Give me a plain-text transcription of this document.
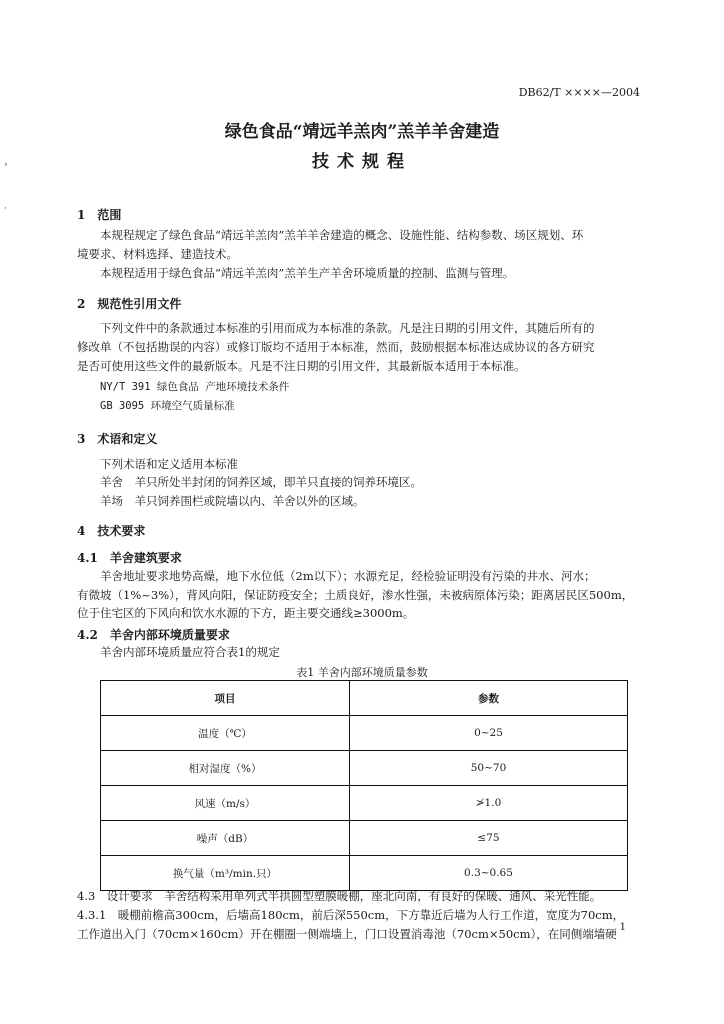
›
·
DB62/T ××××—2004
绿色食品“靖远羊羔肉”羔羊羊舍建造
技术规程
1　范围
本规程规定了绿色食品“靖远羊羔肉”羔羊羊舍建造的概念、设施性能、结构参数、场区规划、环
境要求、材料选择、建造技术。
本规程适用于绿色食品“靖远羊羔肉”羔羊生产羊舍环境质量的控制、监测与管理。
2　规范性引用文件
下列文件中的条款通过本标准的引用而成为本标准的条款。凡是注日期的引用文件，其随后所有的
修改单（不包括勘误的内容）或修订版均不适用于本标准，然而，鼓励根据本标准达成协议的各方研究
是否可使用这些文件的最新版本。凡是不注日期的引用文件，其最新版本适用于本标准。
NY/T 391 绿色食品 产地环境技术条件
GB 3095 环境空气质量标准
3　术语和定义
下列术语和定义适用本标准
羊舍　羊只所处半封闭的饲养区域，即羊只直接的饲养环境区。
羊场　羊只饲养围栏或院墙以内、羊舍以外的区域。
4　技术要求
4.1　羊舍建筑要求
羊舍地址要求地势高燥，地下水位低（2m以下）；水源充足，经检验证明没有污染的井水、河水；
有微坡（1%~3%），背风向阳，保证防疫安全；土质良好，渗水性强，未被病原体污染；距离居民区500m，
位于住宅区的下风向和饮水水源的下方，距主要交通线≥3000m。
4.2　羊舍内部环境质量要求
羊舍内部环境质量应符合表1的规定
表1 羊舍内部环境质量参数
项目	参数
温度（℃）	0~25
相对湿度（%）	50~70
风速（m/s）	≯1.0
噪声（dB）	≤75
换气量（m³/min.只）	0.3~0.65
4.3　设计要求　羊舍结构采用单列式半拱圆型塑膜暖棚，座北向南，有良好的保暖、通风、采光性能。
4.3.1　暖棚前檐高300cm，后墙高180cm，前后深550cm，下方靠近后墙为人行工作道，宽度为70cm，
工作道出入门（70cm×160cm）开在棚圈一侧端墙上，门口设置消毒池（70cm×50cm），在同侧端墙硬 1
